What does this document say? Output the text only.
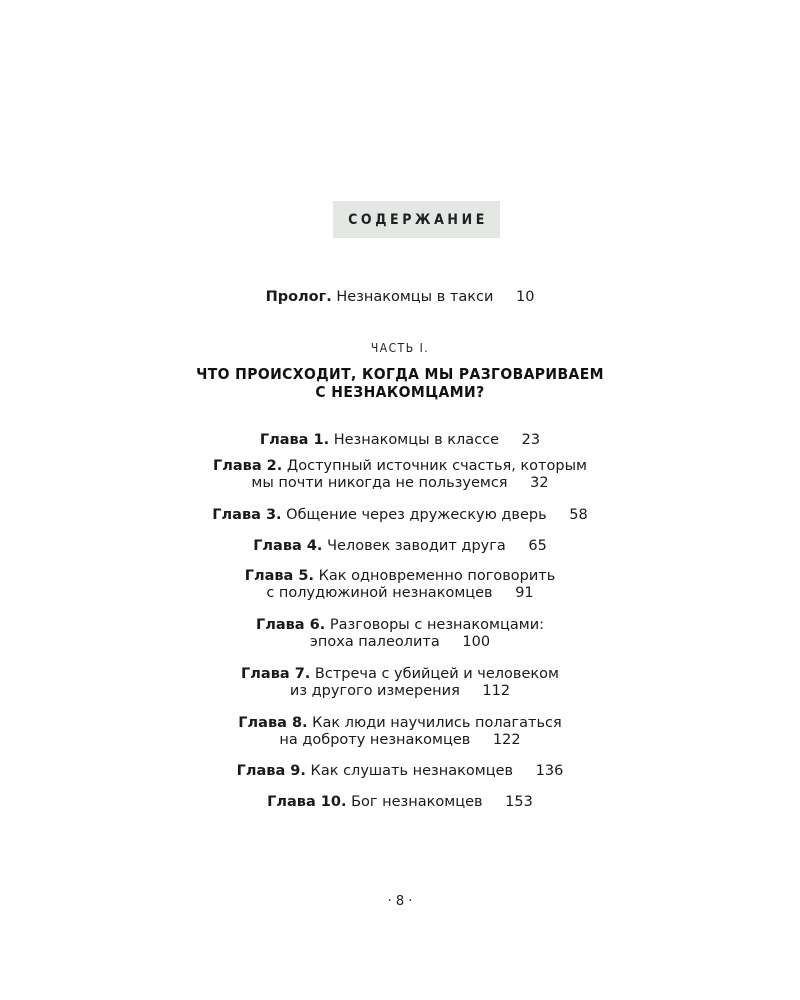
СОДЕРЖАНИЕ
Пролог. Незнакомцы в такси 10
ЧАСТЬ I.
ЧТО ПРОИСХОДИТ, КОГДА МЫ РАЗГОВАРИВАЕМ
С НЕЗНАКОМЦАМИ?
Глава 1. Незнакомцы в классе 23
Глава 2. Доступный источник счастья, которым
мы почти никогда не пользуемся 32
Глава 3. Общение через дружескую дверь 58
Глава 4. Человек заводит друга 65
Глава 5. Как одновременно поговорить
с полудюжиной незнакомцев 91
Глава 6. Разговоры с незнакомцами:
эпоха палеолита 100
Глава 7. Встреча с убийцей и человеком
из другого измерения 112
Глава 8. Как люди научились полагаться
на доброту незнакомцев 122
Глава 9. Как слушать незнакомцев 136
Глава 10. Бог незнакомцев 153
· 8 ·
